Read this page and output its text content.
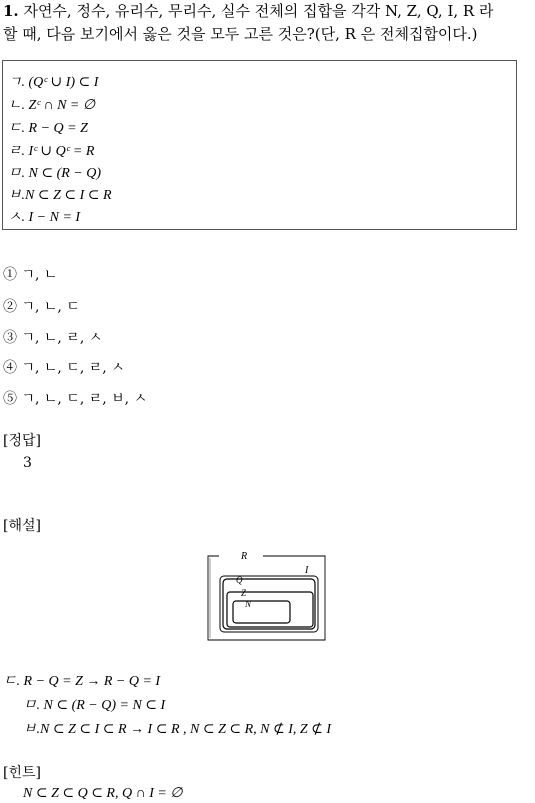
1. 자연수, 정수, 유리수, 무리수, 실수 전체의 집합을 각각 N, Z, Q, I, R 라
할 때, 다음 보기에서 옳은 것을 모두 고른 것은?(단, R 은 전체집합이다.)
ㄱ. (Qᶜ ∪ I) ⊂ I
ㄴ. Zᶜ ∩ N = ∅
ㄷ. R − Q = Z
ㄹ. Iᶜ ∪ Qᶜ = R
ㅁ. N ⊂ (R − Q)
ㅂ.N ⊂ Z ⊂ I ⊂ R
ㅅ. I − N = I
① ㄱ, ㄴ
② ㄱ, ㄴ, ㄷ
③ ㄱ, ㄴ, ㄹ, ㅅ
④ ㄱ, ㄴ, ㄷ, ㄹ, ㅅ
⑤ ㄱ, ㄴ, ㄷ, ㄹ, ㅂ, ㅅ
[정답]
3
[해설]
R
I
Q
Z
N
ㄷ. R − Q = Z → R − Q = I
ㅁ. N ⊂ (R − Q) = N ⊂ I
ㅂ.N ⊂ Z ⊂ I ⊂ R → I ⊂ R , N ⊂ Z ⊂ R, N ⊄ I, Z ⊄ I
[힌트]
N ⊂ Z ⊂ Q ⊂ R, Q ∩ I = ∅
